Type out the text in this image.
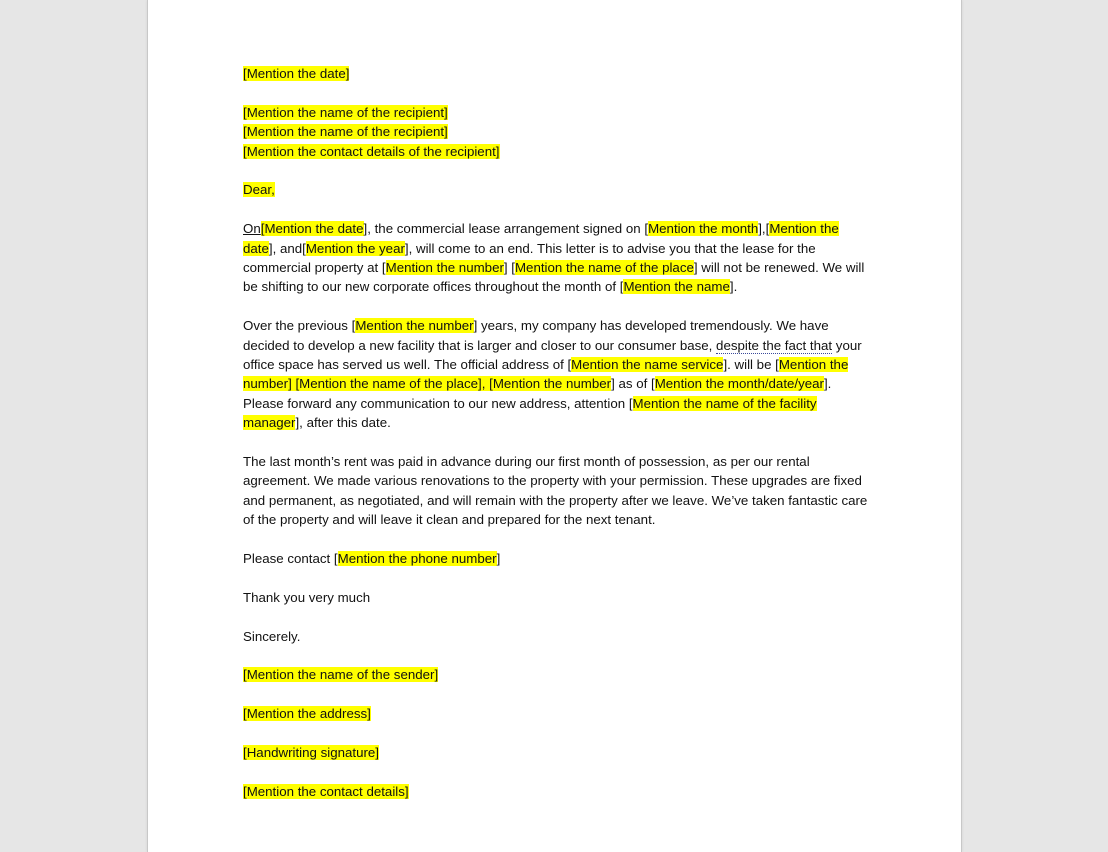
[Mention the date]

[Mention the name of the recipient]

[Mention the name of the recipient]

[Mention the contact details of the recipient]

Dear,

On[Mention the date], the commercial lease arrangement signed on [Mention the month],[Mention the date], and[Mention the year], will come to an end. This letter is to advise you that the lease for the commercial property at [Mention the number] [Mention the name of the place] will not be renewed. We will be shifting to our new corporate offices throughout the month of [Mention the name].

Over the previous [Mention the number] years, my company has developed tremendously. We have decided to develop a new facility that is larger and closer to our consumer base, despite the fact that your office space has served us well. The official address of [Mention the name service]. will be [Mention the number] [Mention the name of the place], [Mention the number] as of [Mention the month/date/year]. Please forward any communication to our new address, attention [Mention the name of the facility manager], after this date.

The last month’s rent was paid in advance during our first month of possession, as per our rental agreement. We made various renovations to the property with your permission. These upgrades are fixed and permanent, as negotiated, and will remain with the property after we leave. We’ve taken fantastic care of the property and will leave it clean and prepared for the next tenant.

Please contact [Mention the phone number]

Thank you very much

Sincerely.

[Mention the name of the sender]

[Mention the address]

[Handwriting signature]

[Mention the contact details]
